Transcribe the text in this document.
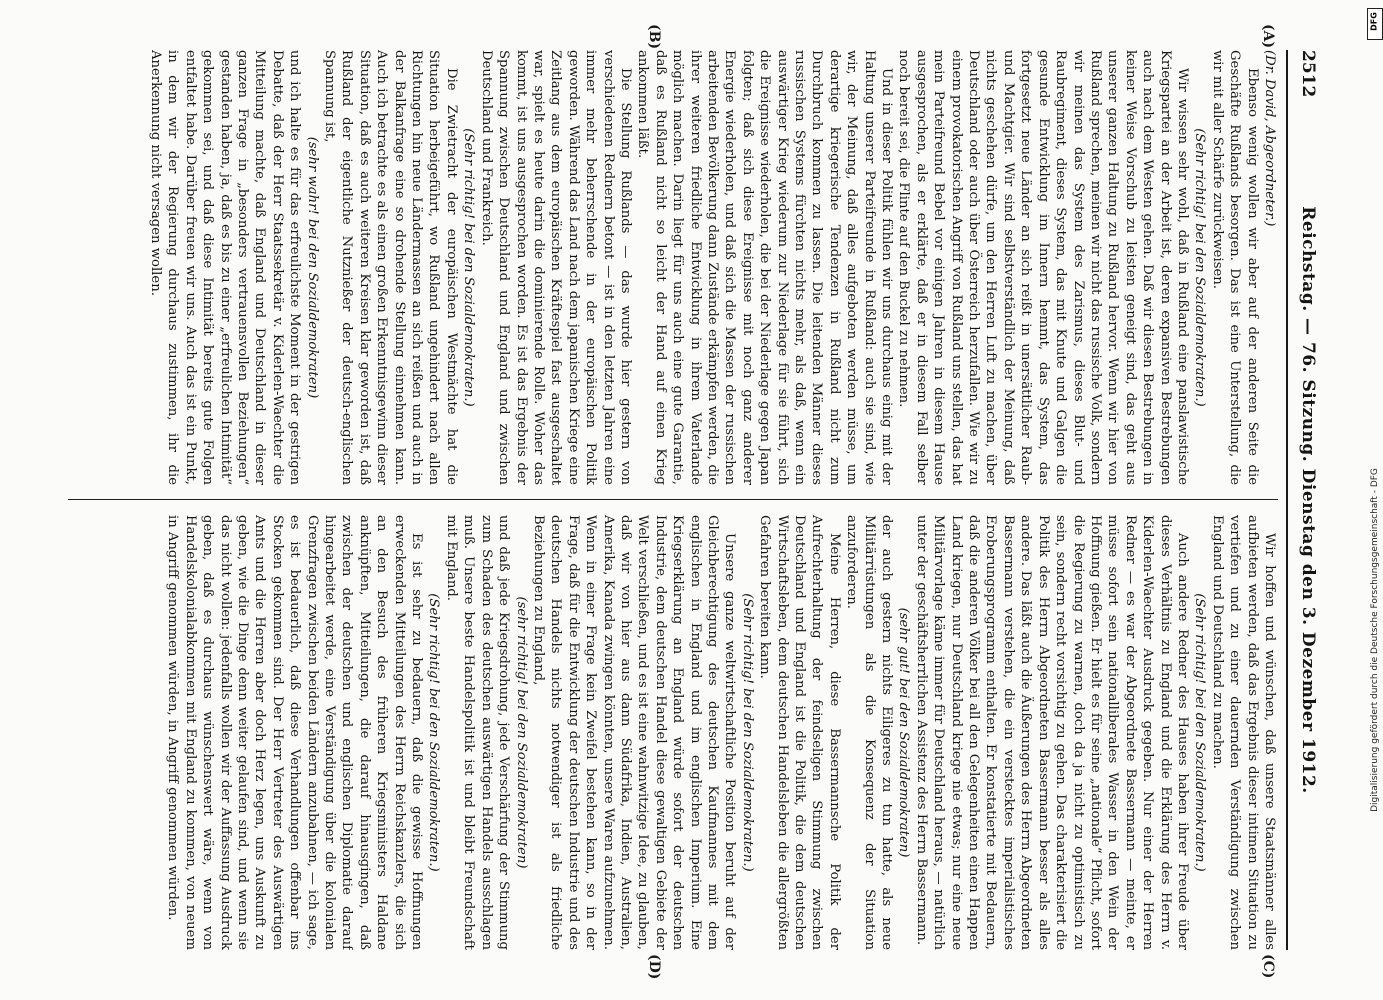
2512
Reichstag. — 76. Sitzung. Dienstag den 3. Dezember 1912.
(A)
(B)
(C)
(D)

(Dr. David, Abgeordneter.)

Ebenso wenig wollen wir aber auf der anderen Seite die Geschäfte Rußlands besorgen. Das ist eine Unterstellung, die wir mit aller Schärfe zurückweisen.

(Sehr richtig! bei den Sozialdemokraten.)

Wir wissen sehr wohl, daß in Rußland eine panslawistische Kriegspartei an der Arbeit ist, deren expansiven Bestrebungen auch nach dem Westen gehen. Daß wir diesen Bestrebungen in keiner Weise Vorschub zu leisten geneigt sind, das geht aus unserer ganzen Haltung zu Rußland hervor. Wenn wir hier von Rußland sprechen, meinen wir nicht das russische Volk, sondern wir meinen das System des Zarismus, dieses Blut- und Raubregiment, dieses System, das mit Knute und Galgen die gesunde Entwicklung im Innern hemmt, das System, das fortgesetzt neue Länder an sich reißt in unersättlicher Raub- und Machtgier. Wir sind selbstverständlich der Meinung, daß nichts geschehen dürfe, um den Herren Luft zu machen, über Deutschland oder auch über Österreich herzufallen. Wie wir zu einem provokatorischen Angriff von Rußland uns stellen, das hat mein Parteifreund Bebel vor einigen Jahren in diesem Hause ausgesprochen, als er erklärte, daß er in diesem Fall selber noch bereit sei, die Flinte auf den Buckel zu nehmen.

Und in dieser Politik fühlen wir uns durchaus einig mit der Haltung unserer Parteifreunde in Rußland: auch sie sind, wie wir, der Meinung, daß alles aufgeboten werden müsse, um derartige kriegerische Tendenzen in Rußland nicht zum Durchbruch kommen zu lassen. Die leitenden Männer dieses russischen Systems fürchten nichts mehr, als daß, wenn ein auswärtiger Krieg wiederum zur Niederlage für sie führt, sich die Ereignisse wiederholen, die bei der Niederlage gegen Japan folgten; daß sich diese Ereignisse mit noch ganz anderer Energie wiederholen, und daß sich die Massen der russischen arbeitenden Bevölkerung dann Zustände erkämpfen werden, die ihrer weiteren friedliche Entwicklung in ihrem Vaterlande möglich machen. Darin liegt für uns auch eine gute Garantie, daß es Rußland nicht so leicht der Hand auf einen Krieg ankommen läßt.

Die Stellung Rußlands — das wurde hier gestern von verschiedenen Rednern betont — ist in den letzten Jahren eine immer mehr beherrschende in der europäischen Politik geworden. Während das Land nach dem japanischen Kriege eine Zeitlang aus dem europäischen Kräftespiel fast ausgeschaltet war, spielt es heute darin die dominierende Rolle. Woher das kommt, ist uns ausgesprochen worden. Es ist das Ergebnis der Spannung zwischen Deutschland und England und zwischen Deutschland und Frankreich.

(Sehr richtig! bei den Sozialdemokraten.)

Die Zwietracht der europäischen Westmächte hat die Situation herbeigeführt, wo Rußland ungehindert nach allen Richtungen hin neue Ländermassen an sich reißen und auch in der Balkanfrage eine so drohende Stellung einnehmen kann. Auch ich betrachte es als einen großen Erkenntnisgewinn dieser Situation, daß es auch weiteren Kreisen klar geworden ist, daß Rußland der eigentliche Nutznießer der deutsch-englischen Spannung ist,

(sehr wahr! bei den Sozialdemokraten)

und ich halte es für das erfreulichste Moment in der gestrigen Debatte, daß der Herr Staatssekretär v. Kiderlen-Waechter die Mitteilung machte, daß England und Deutschland in dieser ganzen Frage in „besonders vertrauensvollen Beziehungen“ gestanden haben, ja, daß es bis zu einer „erfreulichen Intimität“ gekommen sei, und daß diese Intimität bereits gute Folgen entfaltet habe. Darüber freuen wir uns. Auch das ist ein Punkt, in dem wir der Regierung durchaus zustimmen, ihr die Anerkennung nicht versagen wollen.

Wir hoffen und wünschen, daß unsere Staatsmänner alles aufbieten werden, daß das Ergebnis dieser intimen Situation zu vertiefen und zu einer dauernden Verständigung zwischen England und Deutschland zu machen.

(Sehr richtig! bei den Sozialdemokraten.)

Auch andere Redner des Hauses haben ihrer Freude über dieses Verhältnis zu England und die Erklärung des Herrn v. Kiderlen-Waechter Ausdruck gegeben. Nur einer der Herren Redner — es war der Abgeordnete Bassermann — meinte, er müsse sofort sein nationalliberales Wasser in den Wein der Hoffnung gießen. Er hielt es für seine „nationale“ Pflicht, sofort die Regierung zu warnen, doch da ja nicht zu optimistisch zu sein, sondern recht vorsichtig zu gehen. Das charakterisiert die Politik des Herrn Abgeordneten Bassermann besser als alles andere. Das läßt auch die Äußerungen des Herrn Abgeordneten Bassermann verstehen, die ein verstecktes imperialistisches Eroberungsprogramm enthalten. Er konstatierte mit Bedauern, daß die anderen Völker bei all den Gelegenheiten einen Happen Land kriegen, nur Deutschland kriege nie etwas; nur eine neue Militärvorlage käme immer für Deutschland heraus, — natürlich unter der geschäftsherrlichen Assistenz des Herrn Bassermann.

(sehr gut! bei den Sozialdemokraten)

der auch gestern nichts Eiligeres zu tun hatte, als neue Militärrüstungen als die Konsequenz der Situation anzuforderen.

Meine Herren, diese Bassermannsche Politik der Aufrechterhaltung der feindseligen Stimmung zwischen Deutschland und England ist die Politik, die dem deutschen Wirtschaftsleben, dem deutschen Handelsleben die allergrößten Gefahren bereiten kann.

(Sehr richtig! bei den Sozialdemokraten.)

Unsere ganze weltwirtschaftliche Position beruht auf der Gleichberechtigung des deutschen Kaufmannes mit dem englischen in England und im englischen Imperium. Eine Kriegserklärung an England würde sofort der deutschen Industrie, dem deutschen Handel diese gewaltigen Gebiete der Welt verschließen, und es ist eine wahnwitzige Idee, zu glauben, daß wir von hier aus dann Südafrika, Indien, Australien, Amerika, Kanada zwingen könnten, unsere Waren aufzunehmen. Wenn in einer Frage kein Zweifel bestehen kann, so in der Frage, daß für die Entwicklung der deutschen Industrie und des deutschen Handels nichts notwendiger ist als friedliche Beziehungen zu England,

(sehr richtig! bei den Sozialdemokraten)

und daß jede Kriegsdrohung, jede Verschärfung der Stimmung zum Schaden des deutschen auswärtigen Handels ausschlagen muß. Unsere beste Handelspolitik ist und bleibt Freundschaft mit England.

(Sehr richtig! bei den Sozialdemokraten.)

Es ist sehr zu bedauern, daß die gewisse Hoffnungen erweckenden Mitteilungen des Herrn Reichskanzlers, die sich an den Besuch des früheren Kriegsministers Haldane anknüpften, Mitteilungen, die darauf hinausgingen, daß zwischen der deutschen und englischen Diplomatie darauf hingearbeitet werde, eine Verständigung über die kolonialen Grenzfragen zwischen beiden Ländern anzubahnen, — ich sage, es ist bedauerlich, daß diese Verhandlungen offenbar ins Stocken gekommen sind. Der Herr Vertreter des Auswärtigen Amts und die Herren aber doch Herz legen, uns Auskunft zu geben, wie die Dinge denn weiter gelaufen sind, und wenn sie das nicht wollen: jedenfalls wollen wir der Auffassung Ausdruck geben, daß es durchaus wünschenswert wäre, wenn von Handelskolonialabkommen mit England zu kommen, von neuem in Angriff genommen würden, in Angriff genommen würden.

DFG
Digitalisierung gefördert durch die Deutsche Forschungsgemeinschaft - DFG
